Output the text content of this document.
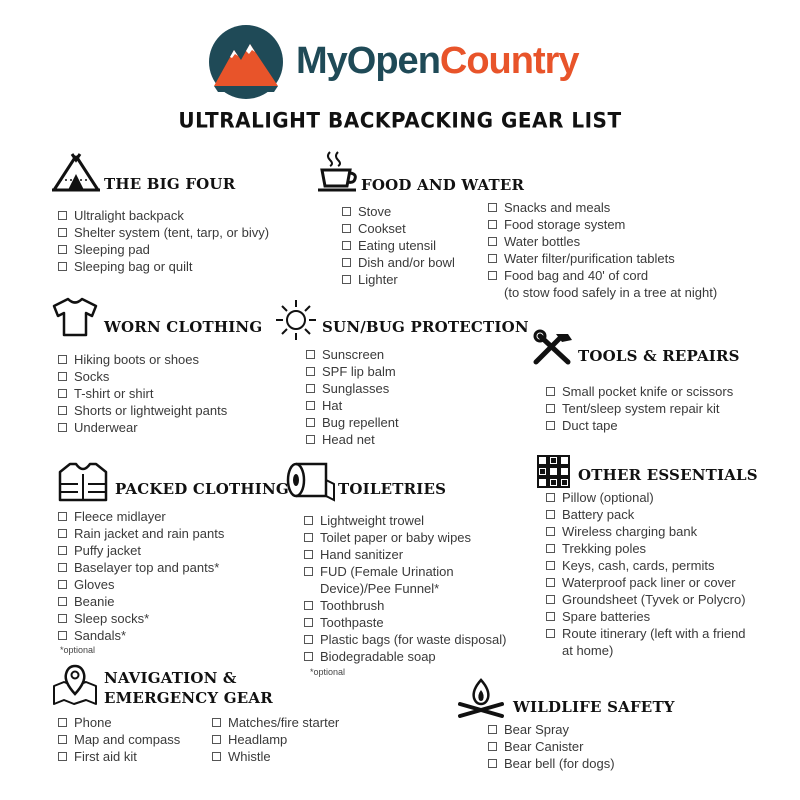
MyOpenCountry
ULTRALIGHT BACKPACKING GEAR LIST
THE BIG FOUR
Ultralight backpack
Shelter system (tent, tarp, or bivy)
Sleeping pad
Sleeping bag or quilt
FOOD AND WATER
Stove
Cookset
Eating utensil
Dish and/or bowl
Lighter
Snacks and meals
Food storage system
Water bottles
Water filter/purification tablets
Food bag and 40' of cord
(to stow food safely in a tree at night)
WORN CLOTHING
Hiking boots or shoes
Socks
T-shirt or shirt
Shorts or lightweight pants
Underwear
SUN/BUG PROTECTION
Sunscreen
SPF lip balm
Sunglasses
Hat
Bug repellent
Head net
TOOLS & REPAIRS
Small pocket knife or scissors
Tent/sleep system repair kit
Duct tape
PACKED CLOTHING
Fleece midlayer
Rain jacket and rain pants
Puffy jacket
Baselayer top and pants*
Gloves
Beanie
Sleep socks*
Sandals*
*optional
TOILETRIES
Lightweight trowel
Toilet paper or baby wipes
Hand sanitizer
FUD (Female Urination
Device)/Pee Funnel*
Toothbrush
Toothpaste
Plastic bags (for waste disposal)
Biodegradable soap
*optional
OTHER ESSENTIALS
Pillow (optional)
Battery pack
Wireless charging bank
Trekking poles
Keys, cash, cards, permits
Waterproof pack liner or cover
Groundsheet (Tyvek or Polycro)
Spare batteries
Route itinerary (left with a friend
at home)
NAVIGATION &
EMERGENCY GEAR
Phone
Map and compass
First aid kit
Matches/fire starter
Headlamp
Whistle
WILDLIFE SAFETY
Bear Spray
Bear Canister
Bear bell (for dogs)
